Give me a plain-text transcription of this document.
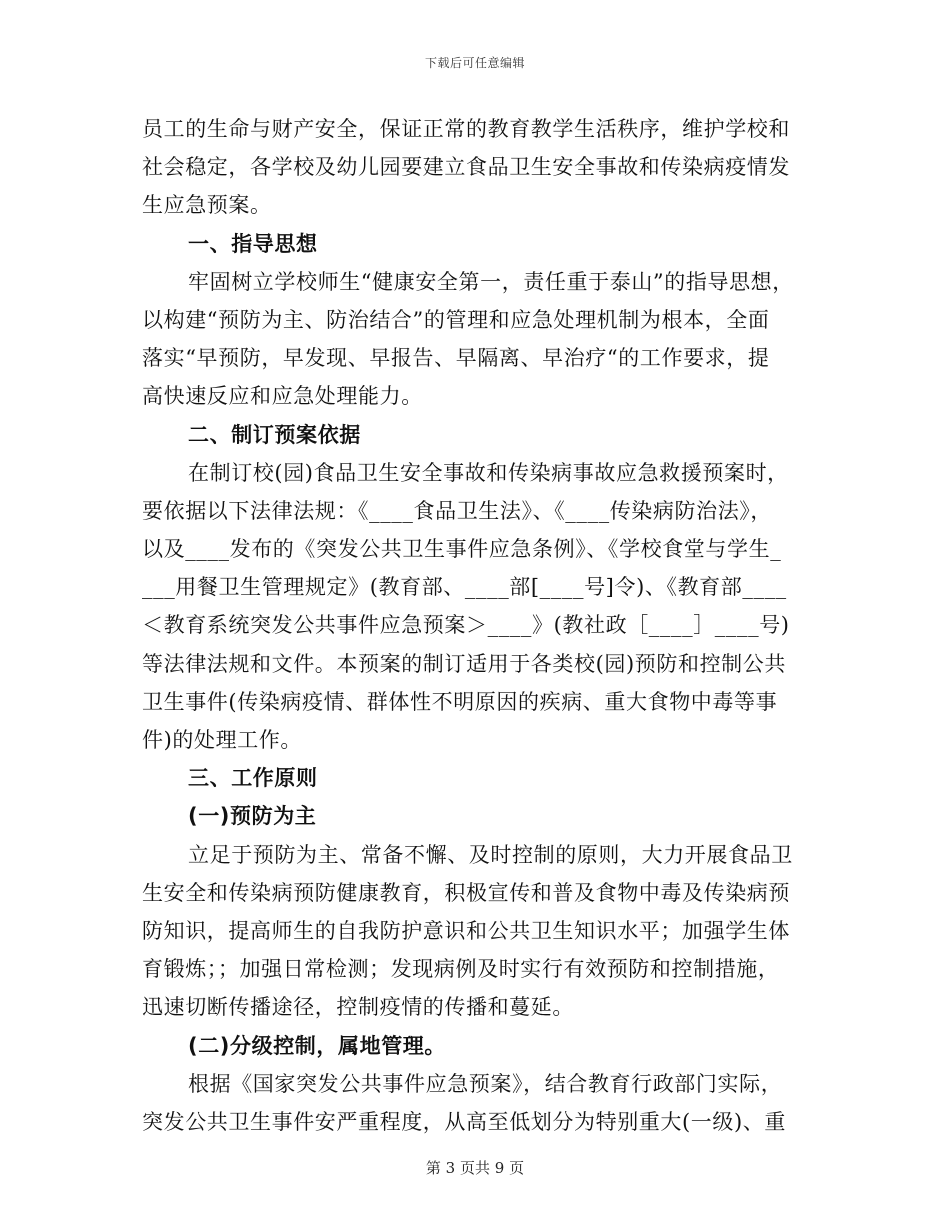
下载后可任意编辑
员工的生命与财产安全，保证正常的教育教学生活秩序，维护学校和
社会稳定，各学校及幼儿园要建立食品卫生安全事故和传染病疫情发
生应急预案。
一、指导思想
牢固树立学校师生“健康安全第一，责任重于泰山”的指导思想，
以构建“预防为主、防治结合”的管理和应急处理机制为根本，全面
落实“早预防，早发现、早报告、早隔离、早治疗“的工作要求，提
高快速反应和应急处理能力。
二、制订预案依据
在制订校(园)食品卫生安全事故和传染病事故应急救援预案时，
要依据以下法律法规：《____食品卫生法》、《____传染病防治法》，
以及____发布的《突发公共卫生事件应急条例》、《学校食堂与学生_
___用餐卫生管理规定》(教育部、____部[____号]令)、《教育部____
＜教育系统突发公共事件应急预案＞____》(教社政［____］____号)
等法律法规和文件。本预案的制订适用于各类校(园)预防和控制公共
卫生事件(传染病疫情、群体性不明原因的疾病、重大食物中毒等事
件)的处理工作。
三、工作原则
(一)预防为主
立足于预防为主、常备不懈、及时控制的原则，大力开展食品卫
生安全和传染病预防健康教育，积极宣传和普及食物中毒及传染病预
防知识，提高师生的自我防护意识和公共卫生知识水平；加强学生体
育锻炼；；加强日常检测；发现病例及时实行有效预防和控制措施，
迅速切断传播途径，控制疫情的传播和蔓延。
(二)分级控制，属地管理。
根据《国家突发公共事件应急预案》，结合教育行政部门实际，
突发公共卫生事件安严重程度，从高至低划分为特别重大(一级)、重
第 3 页共 9 页
